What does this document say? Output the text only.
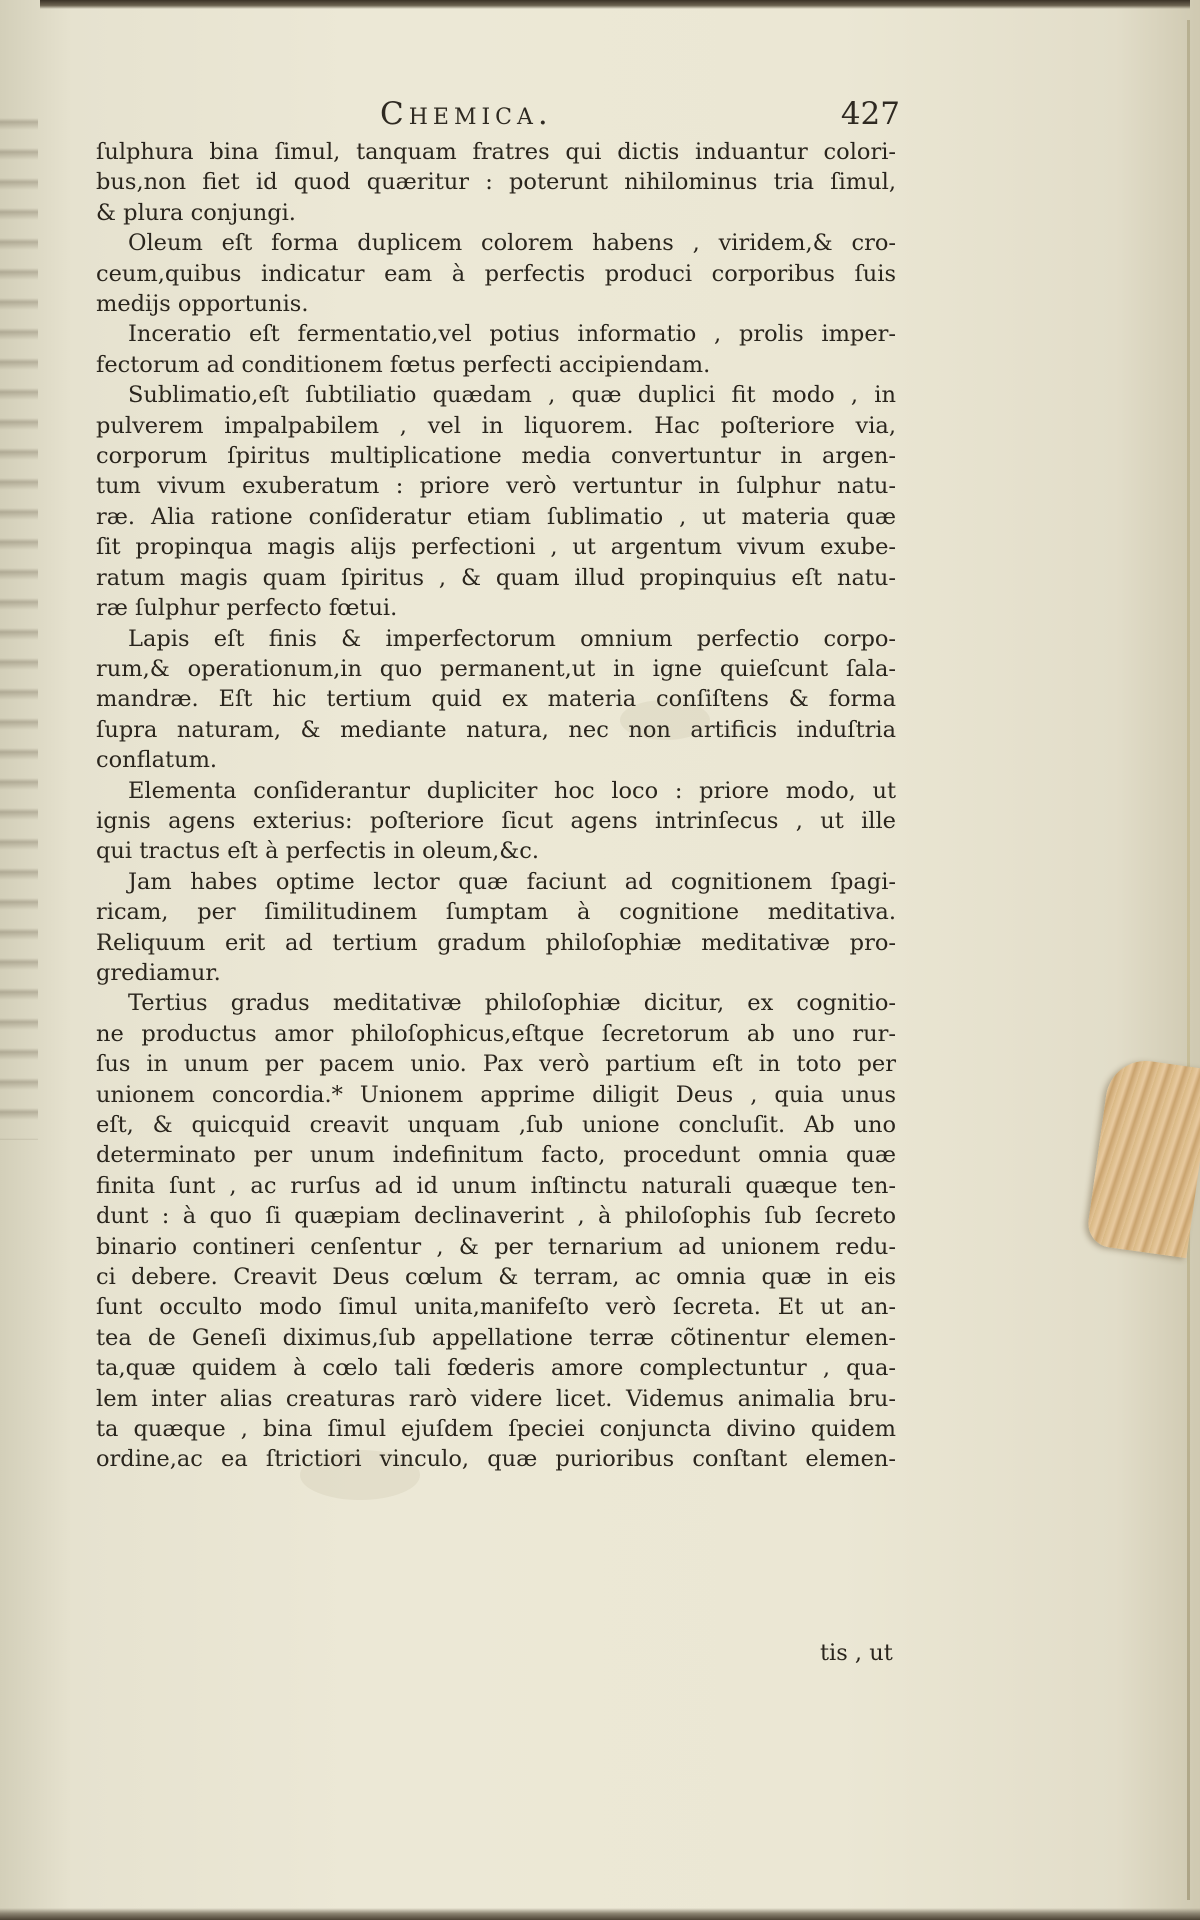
Chemica.	427
ſulphura bina ſimul, tanquam fratres qui dictis induantur colori-
bus,non fiet id quod quæritur : poterunt nihilominus tria ſimul,
& plura conjungi.
Oleum eſt forma duplicem colorem habens , viridem,& cro-
ceum,quibus indicatur eam à perfectis produci corporibus ſuis
medijs opportunis.
Inceratio eſt fermentatio,vel potius informatio , prolis imper-
fectorum ad conditionem fœtus perfecti accipiendam.
Sublimatio,eſt ſubtiliatio quædam , quæ duplici fit modo , in
pulverem impalpabilem , vel in liquorem. Hac poſteriore via,
corporum ſpiritus multiplicatione media convertuntur in argen-
tum vivum exuberatum : priore verò vertuntur in ſulphur natu-
ræ. Alia ratione conſideratur etiam ſublimatio , ut materia quæ
ſit propinqua magis alijs perfectioni , ut argentum vivum exube-
ratum magis quam ſpiritus , & quam illud propinquius eſt natu-
ræ ſulphur perfecto fœtui.
Lapis eſt finis & imperfectorum omnium perfectio corpo-
rum,& operationum,in quo permanent,ut in igne quieſcunt ſala-
mandræ. Eſt hic tertium quid ex materia conſiſtens & forma
ſupra naturam, & mediante natura, nec non artificis induſtria
conflatum.
Elementa conſiderantur dupliciter hoc loco : priore modo, ut
ignis agens exterius: poſteriore ſicut agens intrinſecus , ut ille
qui tractus eſt à perfectis in oleum,&c.
Jam habes optime lector quæ faciunt ad cognitionem ſpagi-
ricam, per ſimilitudinem ſumptam à cognitione meditativa.
Reliquum erit ad tertium gradum philoſophiæ meditativæ pro-
grediamur.
Tertius gradus meditativæ philoſophiæ dicitur, ex cognitio-
ne productus amor philoſophicus,eſtque ſecretorum ab uno rur-
ſus in unum per pacem unio. Pax verò partium eſt in toto per
unionem concordia.* Unionem apprime diligit Deus , quia unus
eſt, & quicquid creavit unquam ,ſub unione concluſit. Ab uno
determinato per unum indefinitum facto, procedunt omnia quæ
finita ſunt , ac rurſus ad id unum inſtinctu naturali quæque ten-
dunt : à quo ſi quæpiam declinaverint , à philoſophis ſub ſecreto
binario contineri cenſentur , & per ternarium ad unionem redu-
ci debere. Creavit Deus cœlum & terram, ac omnia quæ in eis
ſunt occulto modo ſimul unita,manifeſto verò ſecreta. Et ut an-
tea de Geneſi diximus,ſub appellatione terræ cõtinentur elemen-
ta,quæ quidem à cœlo tali fœderis amore complectuntur , qua-
lem inter alias creaturas rarò videre licet. Videmus animalia bru-
ta quæque , bina ſimul ejuſdem ſpeciei conjuncta divino quidem
ordine,ac ea ſtrictiori vinculo, quæ purioribus conſtant elemen-
tis , ut
